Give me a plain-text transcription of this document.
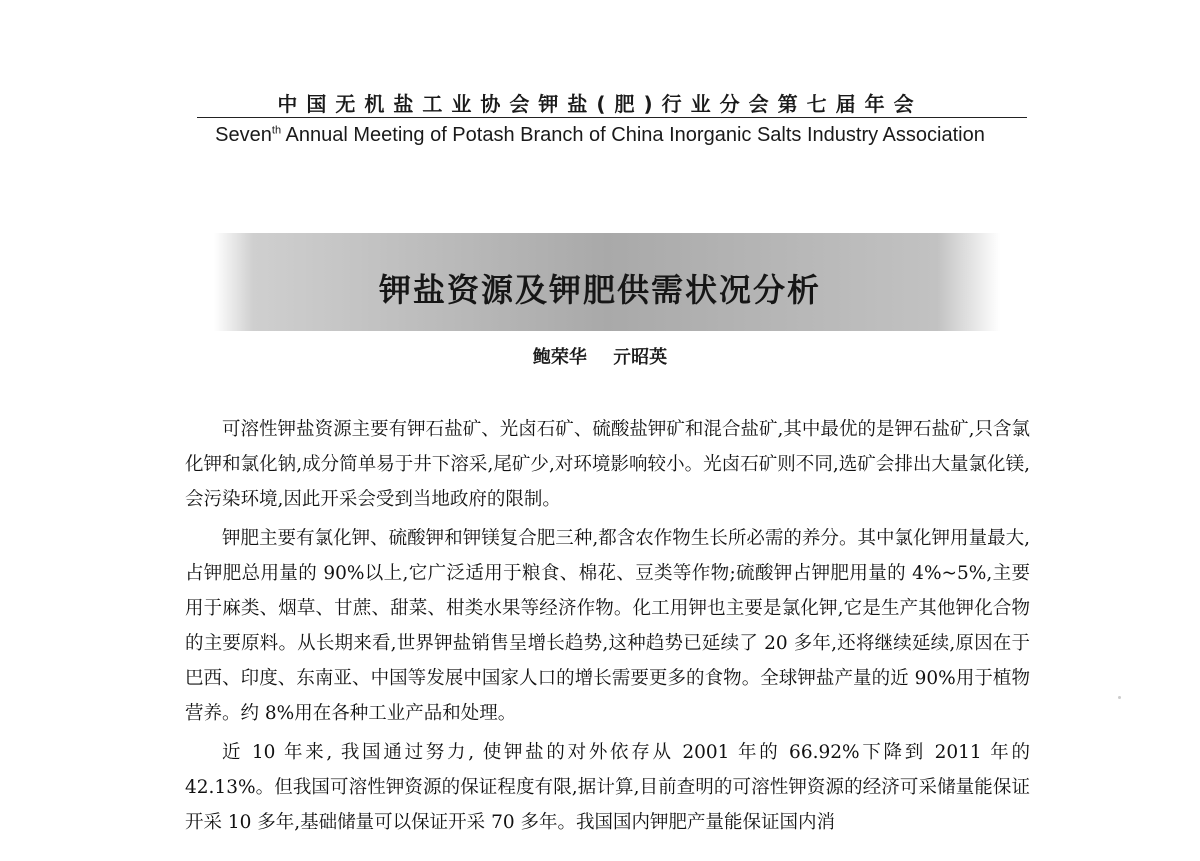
中国无机盐工业协会钾盐(肥)行业分会第七届年会
Seven$^{th}$ Annual Meeting of Potash Branch of China Inorganic Salts Industry Association
钾盐资源及钾肥供需状况分析
鲍荣华 亓昭英

可溶性钾盐资源主要有钾石盐矿、光卤石矿、硫酸盐钾矿和混合盐矿,其中最优的是钾石盐矿,只含氯化钾和氯化钠,成分简单易于井下溶采,尾矿少,对环境影响较小。光卤石矿则不同,选矿会排出大量氯化镁,会污染环境,因此开采会受到当地政府的限制。

钾肥主要有氯化钾、硫酸钾和钾镁复合肥三种,都含农作物生长所必需的养分。其中氯化钾用量最大,占钾肥总用量的 90%以上,它广泛适用于粮食、棉花、豆类等作物;硫酸钾占钾肥用量的 4%~5%,主要用于麻类、烟草、甘蔗、甜菜、柑类水果等经济作物。化工用钾也主要是氯化钾,它是生产其他钾化合物的主要原料。从长期来看,世界钾盐销售呈增长趋势,这种趋势已延续了 20 多年,还将继续延续,原因在于巴西、印度、东南亚、中国等发展中国家人口的增长需要更多的食物。全球钾盐产量的近 90%用于植物营养。约 8%用在各种工业产品和处理。

近 10 年来, 我国通过努力, 使钾盐的对外依存从 2001 年的 66.92%下降到 2011 年的 42.13%。但我国可溶性钾资源的保证程度有限,据计算,目前查明的可溶性钾资源的经济可采储量能保证开采 10 多年,基础储量可以保证开采 70 多年。我国国内钾肥产量能保证国内消
